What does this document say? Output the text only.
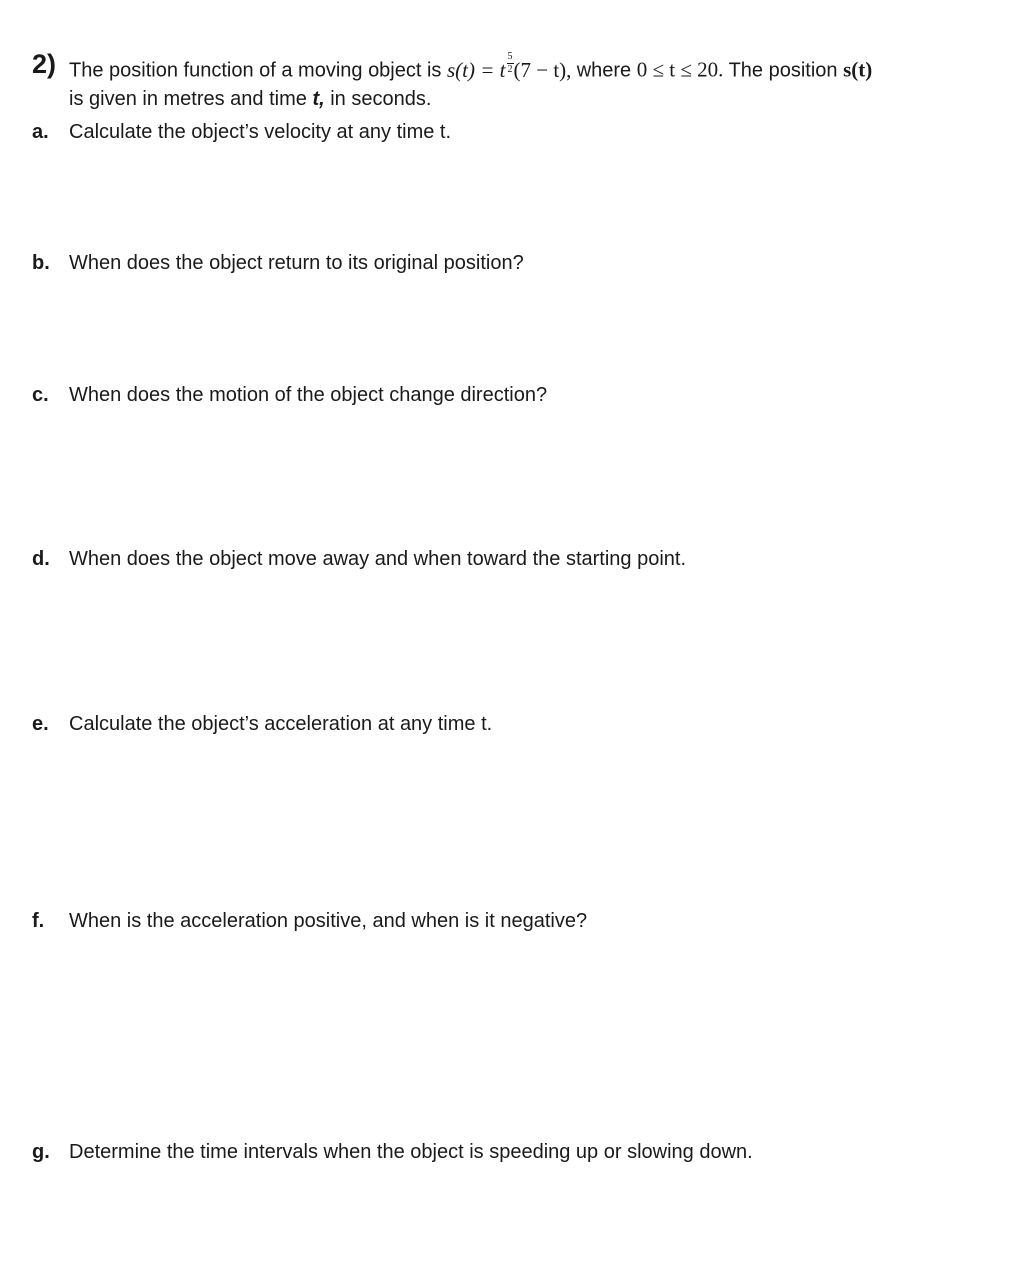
2) The position function of a moving object is s(t) = t $\frac{5}{2} (7 - t)$, where 0 ≤ t ≤ 20. The position s(t)
is given in metres and time t, in seconds.
a. Calculate the object’s velocity at any time t.
b. When does the object return to its original position?
c. When does the motion of the object change direction?
d. When does the object move away and when toward the starting point.
e. Calculate the object’s acceleration at any time t.
f. When is the acceleration positive, and when is it negative?
g. Determine the time intervals when the object is speeding up or slowing down.
